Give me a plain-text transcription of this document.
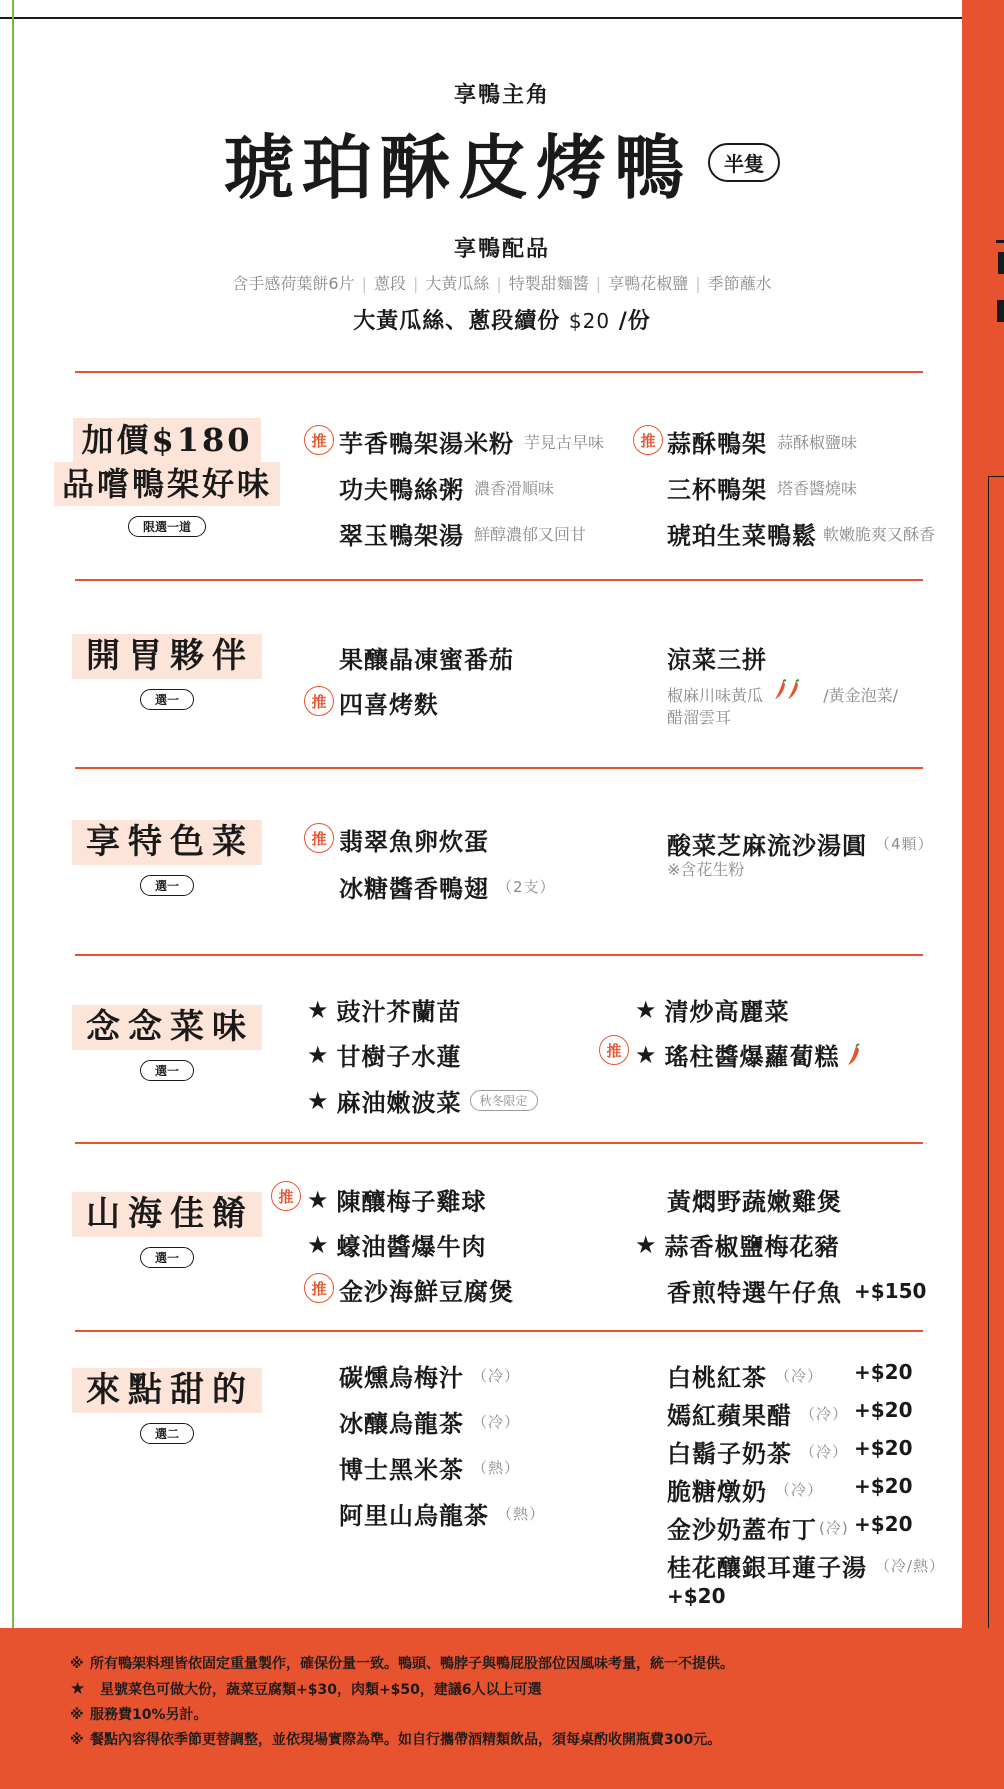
享鴨主角
琥珀酥皮烤鴨	半隻
享鴨配品
含手感荷葉餅6片 | 蔥段 | 大黃瓜絲 | 特製甜麵醬 | 享鴨花椒鹽 | 季節蘸水
大黃瓜絲、蔥段續份 $20 /份
加價$180
品嚐鴨架好味
限選一道
推 芋香鴨架湯米粉 芋見古早味
功夫鴨絲粥 濃香滑順味
翠玉鴨架湯 鮮醇濃郁又回甘
推 蒜酥鴨架 蒜酥椒鹽味
三杯鴨架 塔香醬燒味
琥珀生菜鴨鬆 軟嫩脆爽又酥香
開胃夥伴
選一
果釀晶凍蜜番茄
推 四喜烤麩
涼菜三拼
椒麻川味黃瓜	/黃金泡菜/
醋溜雲耳
享特色菜
選一
推 翡翠魚卵炊蛋
冰糖醬香鴨翅 （2支）
酸菜芝麻流沙湯圓 （4顆）
※含花生粉
念念菜味
選一
★ 豉汁芥蘭苗
★ 甘樹子水蓮
★ 麻油嫩波菜	秋冬限定
★ 清炒高麗菜
推 ★ 瑤柱醬爆蘿蔔糕
山海佳餚
選一
推 ★ 陳釀梅子雞球
★ 蠔油醬爆牛肉
推 金沙海鮮豆腐煲
黃燜野蔬嫩雞煲
★ 蒜香椒鹽梅花豬
香煎特選午仔魚 +$150
來點甜的
選二
碳燻烏梅汁 （冷）
冰釀烏龍茶 （冷）
博士黑米茶 （熱）
阿里山烏龍茶 （熱）
白桃紅茶 （冷） +$20
嫣紅蘋果醋 （冷） +$20
白鬍子奶茶 （冷） +$20
脆糖燉奶 （冷） +$20
金沙奶蓋布丁 (冷) +$20
桂花釀銀耳蓮子湯 （冷/熱）
+$20
※ 所有鴨架料理皆依固定重量製作，確保份量一致。鴨頭、鴨脖子與鴨屁股部位因風味考量，統一不提供。
★ 星號菜色可做大份，蔬菜豆腐類+$30，肉類+$50，建議6人以上可選
※ 服務費10%另計。
※ 餐點內容得依季節更替調整，並依現場實際為準。如自行攜帶酒精類飲品，須每桌酌收開瓶費300元。
